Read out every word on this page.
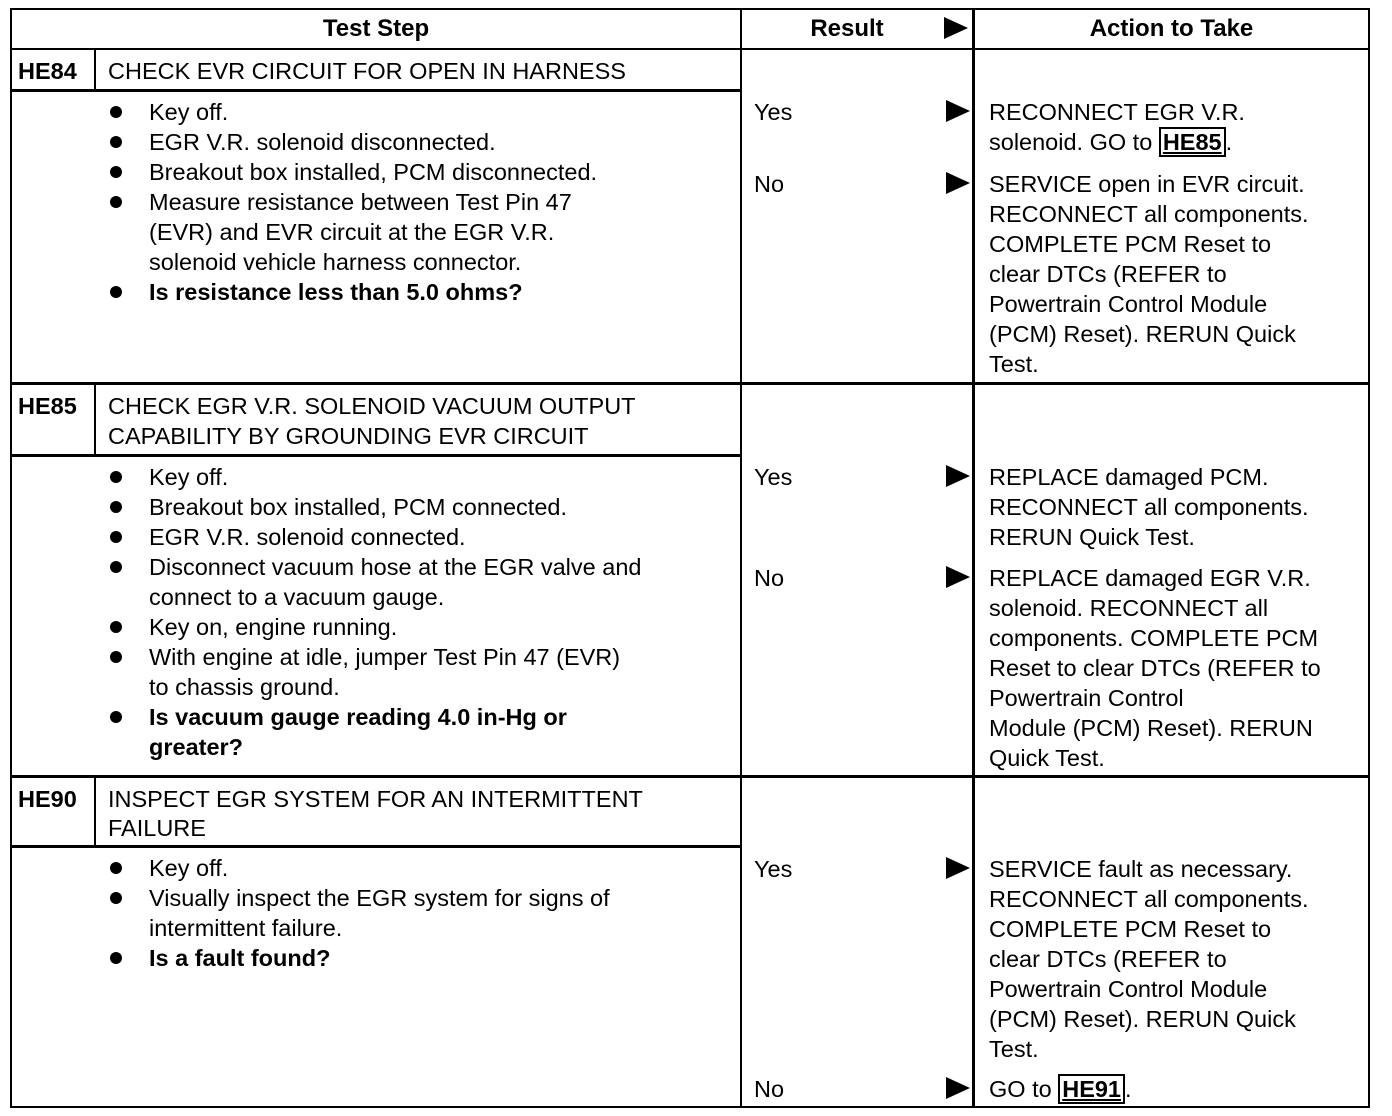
Test Step	Result	Action to Take
HE84 CHECK EVR CIRCUIT FOR OPEN IN HARNESS
Key off.
EGR V.R. solenoid disconnected.
Breakout box installed, PCM disconnected.
Measure resistance between Test Pin 47
(EVR) and EVR circuit at the EGR V.R.
solenoid vehicle harness connector.
Is resistance less than 5.0 ohms?
Yes	RECONNECT EGR V.R.
solenoid. GO to HE85 .
No	SERVICE open in EVR circuit.
RECONNECT all components.
COMPLETE PCM Reset to
clear DTCs (REFER to
Powertrain Control Module
(PCM) Reset). RERUN Quick
Test.
HE85 CHECK EGR V.R. SOLENOID VACUUM OUTPUT
CAPABILITY BY GROUNDING EVR CIRCUIT
Key off.
Breakout box installed, PCM connected.
EGR V.R. solenoid connected.
Disconnect vacuum hose at the EGR valve and
connect to a vacuum gauge.
Key on, engine running.
With engine at idle, jumper Test Pin 47 (EVR)
to chassis ground.
Is vacuum gauge reading 4.0 in-Hg or
greater?
Yes	REPLACE damaged PCM.
RECONNECT all components.
RERUN Quick Test.
No	REPLACE damaged EGR V.R.
solenoid. RECONNECT all
components. COMPLETE PCM
Reset to clear DTCs (REFER to
Powertrain Control
Module (PCM) Reset). RERUN
Quick Test.
HE90 INSPECT EGR SYSTEM FOR AN INTERMITTENT
FAILURE
Key off.
Visually inspect the EGR system for signs of
intermittent failure.
Is a fault found?
Yes	SERVICE fault as necessary.
RECONNECT all components.
COMPLETE PCM Reset to
clear DTCs (REFER to
Powertrain Control Module
(PCM) Reset). RERUN Quick
Test.
No	GO to HE91 .
